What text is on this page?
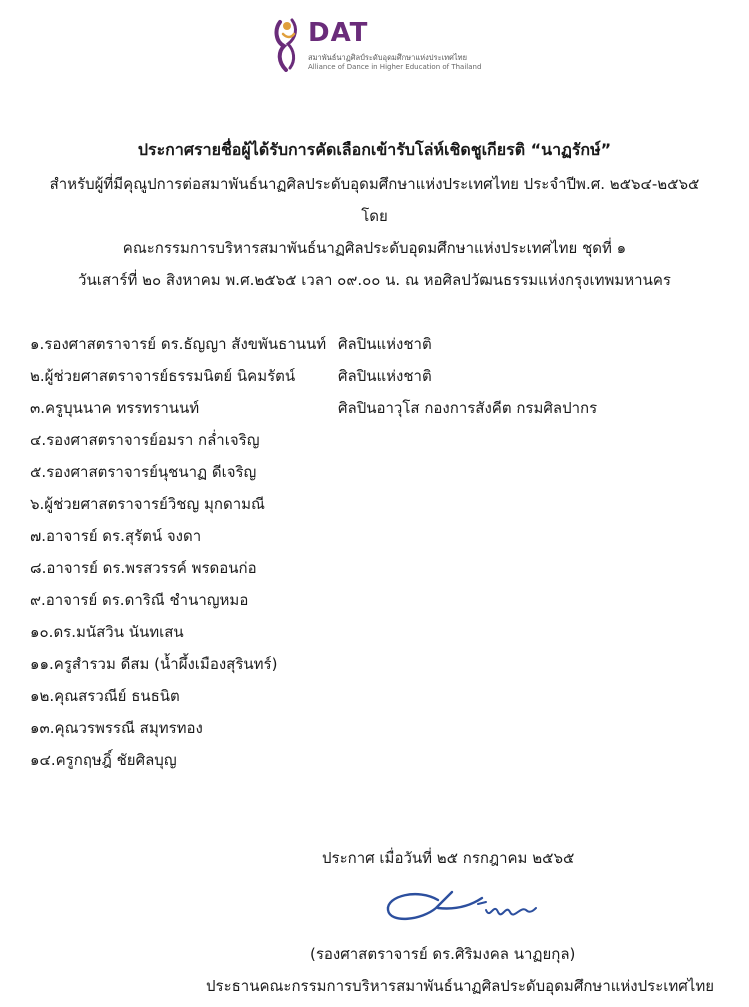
DAT
สมาพันธ์นาฏศิลป์ระดับอุดมศึกษาแห่งประเทศไทย
Alliance of Dance in Higher Education of Thailand
ประกาศรายชื่อผู้ได้รับการคัดเลือกเข้ารับโล่ห์เชิดชูเกียรติ “นาฏรักษ์”
สำหรับผู้ที่มีคุณูปการต่อสมาพันธ์นาฏศิลประดับอุดมศึกษาแห่งประเทศไทย ประจำปีพ.ศ. ๒๕๖๔-๒๕๖๕
โดย
คณะกรรมการบริหารสมาพันธ์นาฏศิลประดับอุดมศึกษาแห่งประเทศไทย ชุดที่ ๑
วันเสาร์ที่ ๒๐ สิงหาคม พ.ศ.๒๕๖๕ เวลา ๐๙.๐๐ น. ณ หอศิลปวัฒนธรรมแห่งกรุงเทพมหานคร
๑.รองศาสตราจารย์ ดร.ธัญญา สังขพันธานนท์ ศิลปินแห่งชาติ
๒.ผู้ช่วยศาสตราจารย์ธรรมนิตย์ นิคมรัตน์	ศิลปินแห่งชาติ
๓.ครูบุนนาค ทรรทรานนท์	ศิลปินอาวุโส กองการสังคีต กรมศิลปากร
๔.รองศาสตราจารย์อมรา กล่ำเจริญ
๕.รองศาสตราจารย์นุชนาฏ ดีเจริญ
๖.ผู้ช่วยศาสตราจารย์วิชญ มุกดามณี
๗.อาจารย์ ดร.สุรัตน์ จงดา
๘.อาจารย์ ดร.พรสวรรค์ พรดอนก่อ
๙.อาจารย์ ดร.ดาริณี ชำนาญหมอ
๑๐.ดร.มนัสวิน นันทเสน
๑๑.ครูสำรวม ดีสม (น้ำผึ้งเมืองสุรินทร์)
๑๒.คุณสรวณีย์ ธนธนิต
๑๓.คุณวรพรรณี สมุทรทอง
๑๔.ครูกฤษฎิ์ ชัยศิลบุญ
ประกาศ เมื่อวันที่ ๒๕ กรกฎาคม ๒๕๖๕
(รองศาสตราจารย์ ดร.ศิริมงคล นาฏยกุล)
ประธานคณะกรรมการบริหารสมาพันธ์นาฏศิลประดับอุดมศึกษาแห่งประเทศไทย
